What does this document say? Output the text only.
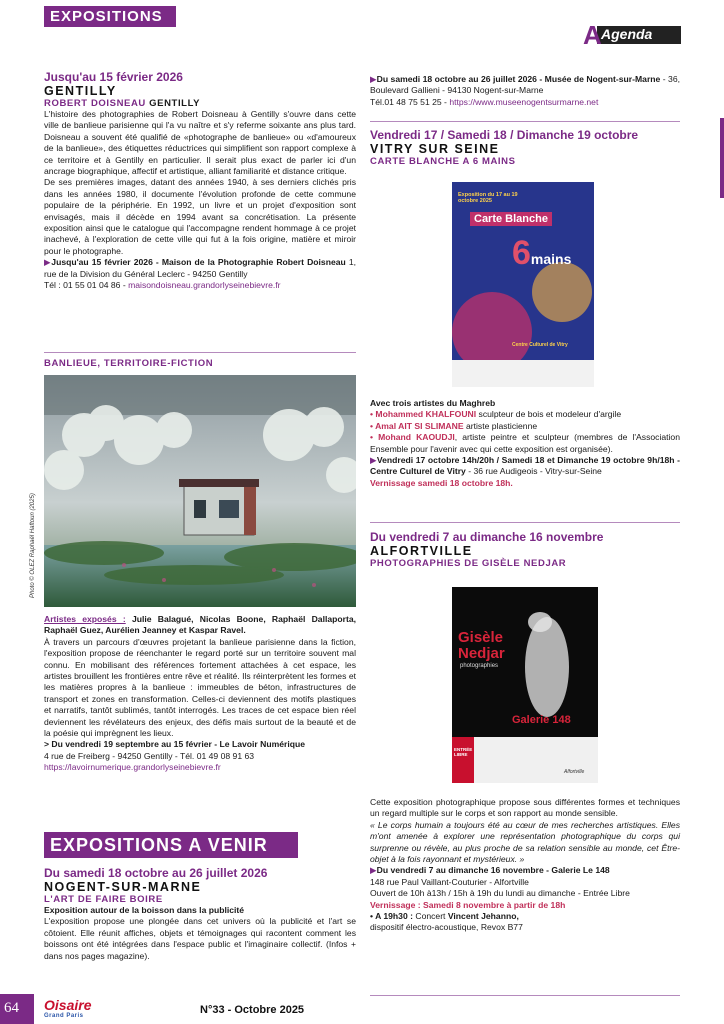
EXPOSITIONS
A Agenda
Jusqu'au 15 février 2026
GENTILLY
ROBERT DOISNEAU GENTILLY

L'histoire des photographies de Robert Doisneau à Gentilly s'ouvre dans cette ville de banlieue parisienne qui l'a vu naître et s'y referme soixante ans plus tard. Doisneau a souvent été qualifié de «photographe de banlieue» ou «d'amoureux de la banlieue», des étiquettes réductrices qui simplifient son rapport complexe à ce territoire et à Gentilly en particulier. Il serait plus exact de parler ici d'un ancrage biographique, affectif et artistique, alliant familiarité et distance critique.

De ses premières images, datant des années 1940, à ses derniers clichés pris dans les années 1980, il documente l'évolution profonde de cette commune populaire de la périphérie. En 1992, un livre et un projet d'exposition sont envisagés, mais il décède en 1994 avant sa concrétisation. La présente exposition ainsi que le catalogue qui l'accompagne rendent hommage à ce projet inachevé, à l'exploration de cette ville qui fut à la fois origine, matière et miroir pour le photographe.

▶Jusqu'au 15 février 2026 - Maison de la Photographie Robert Doisneau 1, rue de la Division du Général Leclerc - 94250 Gentilly

Tél : 01 55 01 04 86 - maisondoisneau.grandorlyseinebievre.fr

BANLIEUE, TERRITOIRE-FICTION
Photo © OLEZ Raphaël Haftoun (2025)

Artistes exposés : Julie Balagué, Nicolas Boone, Raphaël Dallaporta, Raphaël Guez, Aurélien Jeanney et Kaspar Ravel.

À travers un parcours d'œuvres projetant la banlieue parisienne dans la fiction, l'exposition propose de réenchanter le regard porté sur un territoire souvent mal connu. En mobilisant des références fortement attachées à cet espace, les artistes brouillent les frontières entre rêve et réalité. Ils réinterprètent les formes et les matières propres à la banlieue : immeubles de béton, infrastructures de transport et zones en transformation. Celles-ci deviennent des motifs plastiques et narratifs, tantôt sublimés, tantôt interrogés. Les traces de cet espace bien réel deviennent les révélateurs des enjeux, des défis mais surtout de la beauté et de la poésie qui imprègnent les lieux.

> Du vendredi 19 septembre au 15 février - Le Lavoir Numérique

4 rue de Freiberg - 94250 Gentilly - Tél. 01 49 08 91 63

https://lavoirnumerique.grandorlyseinebievre.fr

EXPOSITIONS A VENIR
Du samedi 18 octobre au 26 juillet 2026
NOGENT-SUR-MARNE
L'ART DE FAIRE BOIRE

Exposition autour de la boisson dans la publicité

L'exposition propose une plongée dans cet univers où la publicité et l'art se côtoient. Elle réunit affiches, objets et témoignages qui racontent comment les boissons ont été intégrées dans l'espace public et l'imaginaire collectif. (Infos + dans nos pages magazine).

▶Du samedi 18 octobre au 26 juillet 2026 - Musée de Nogent-sur-Marne - 36, Boulevard Gallieni - 94130 Nogent-sur-Marne

Tél.01 48 75 51 25 - https://www.museenogentsurmarne.net

Vendredi 17 / Samedi 18 / Dimanche 19 octobre
VITRY SUR SEINE
CARTE BLANCHE A 6 MAINS
Exposition du 17 au 19 octobre 2025
Carte Blanche
6mains
Centre Culturel de Vitry

Avec trois artistes du Maghreb

• Mohammed KHALFOUNI sculpteur de bois et modeleur d'argile

• Amal AIT SI SLIMANE artiste plasticienne

• Mohand KAOUDJI, artiste peintre et sculpteur (membres de l'Association Ensemble pour l'avenir avec qui cette exposition est organisée).

▶Vendredi 17 octobre 14h/20h / Samedi 18 et Dimanche 19 octobre 9h/18h - Centre Culturel de Vitry - 36 rue Audigeois - Vitry-sur-Seine

Vernissage samedi 18 octobre 18h.

Du vendredi 7 au dimanche 16 novembre
ALFORTVILLE
PHOTOGRAPHIES DE GISÈLE NEDJAR
Gisèle
Nedjar
photographies
Galerie 148
ENTRÉE LIBRE
Alfortville

Cette exposition photographique propose sous différentes formes et techniques un regard multiple sur le corps et son rapport au monde sensible.

« Le corps humain a toujours été au cœur de mes recherches artistiques. Elles m'ont amenée à explorer une représentation photographique du corps qui surprenne ou révèle, au plus proche de sa relation sensible au monde, cet Être-objet à la fois rayonnant et mystérieux. »

▶Du vendredi 7 au dimanche 16 novembre - Galerie Le 148

148 rue Paul Vaillant-Couturier - Alfortville

Ouvert de 10h à13h / 15h à 19h du lundi au dimanche - Entrée Libre

Vernissage : Samedi 8 novembre à partir de 18h

• A 19h30 : Concert Vincent Jehanno,

dispositif électro-acoustique, Revox B77

64 Oisaire
Grand Paris	N°33 - Octobre 2025
